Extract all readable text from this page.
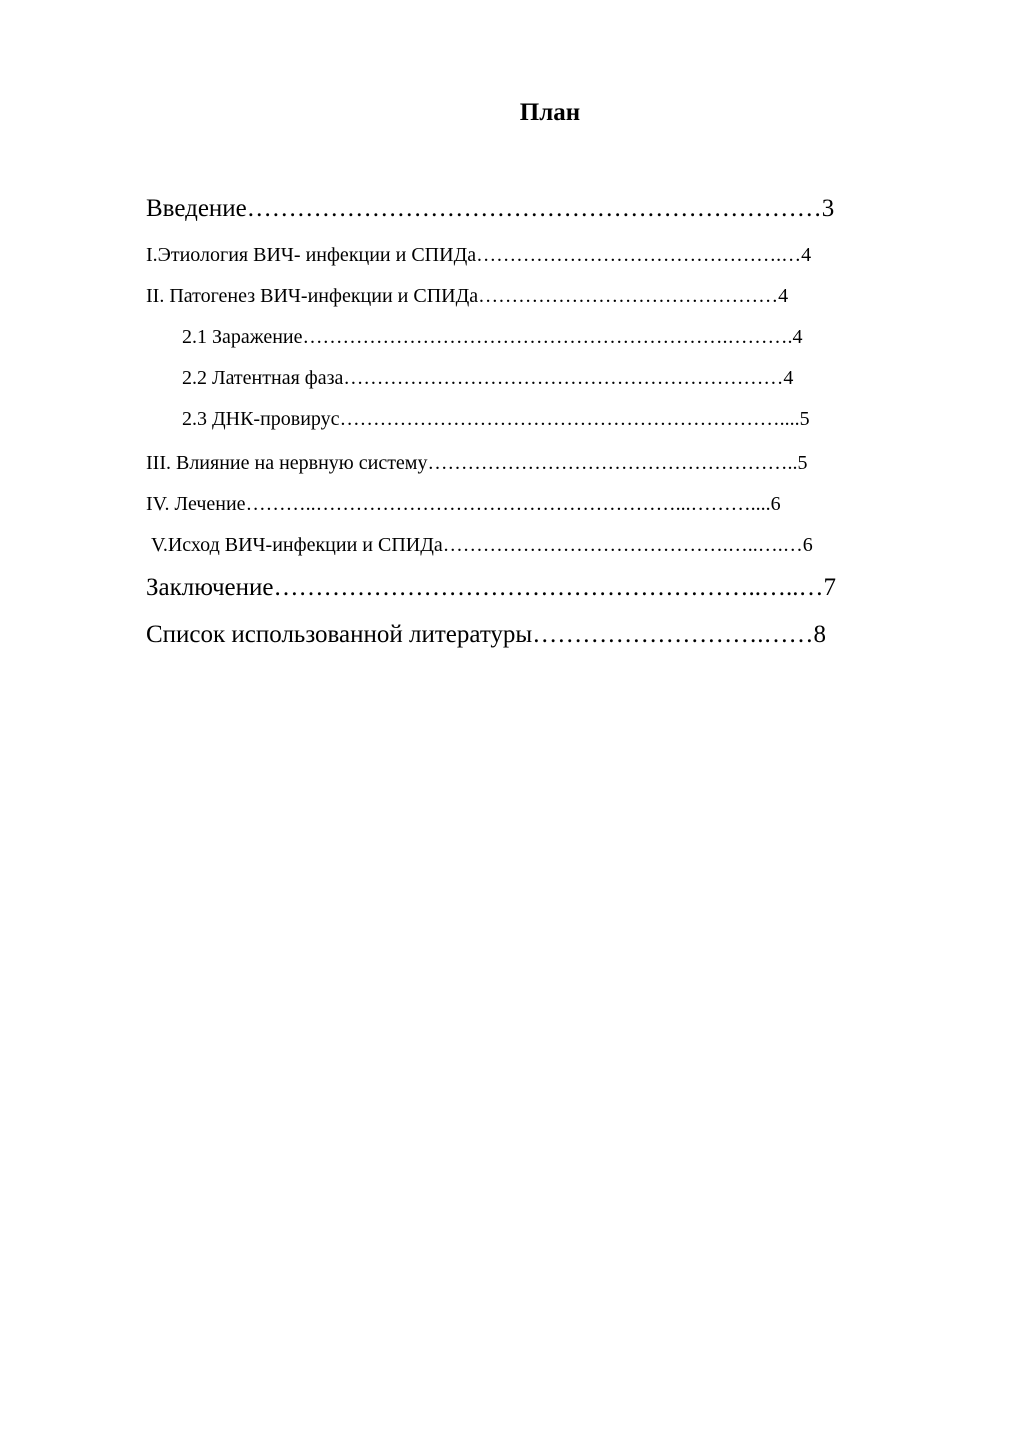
План
Введение……………………………………………………………3
I.Этиология ВИЧ- инфекции и СПИДа……………………………………….…4
II. Патогенез ВИЧ-инфекции и СПИДа………………………………………4
2.1 Заражение……………………………………………………….……….4
2.2 Латентная фаза…………………………………………………………4
2.3 ДНК-провирус…………………………………………………………....5
III. Влияние на нервную систему………………………………………………..5
IV. Лечение………..………………………………………………...………....6
V.Исход ВИЧ-инфекции и СПИДа…………………………………….…..….…6
Заключение…………………………………………………..…..…7
Список использованной литературы……………………….……8
